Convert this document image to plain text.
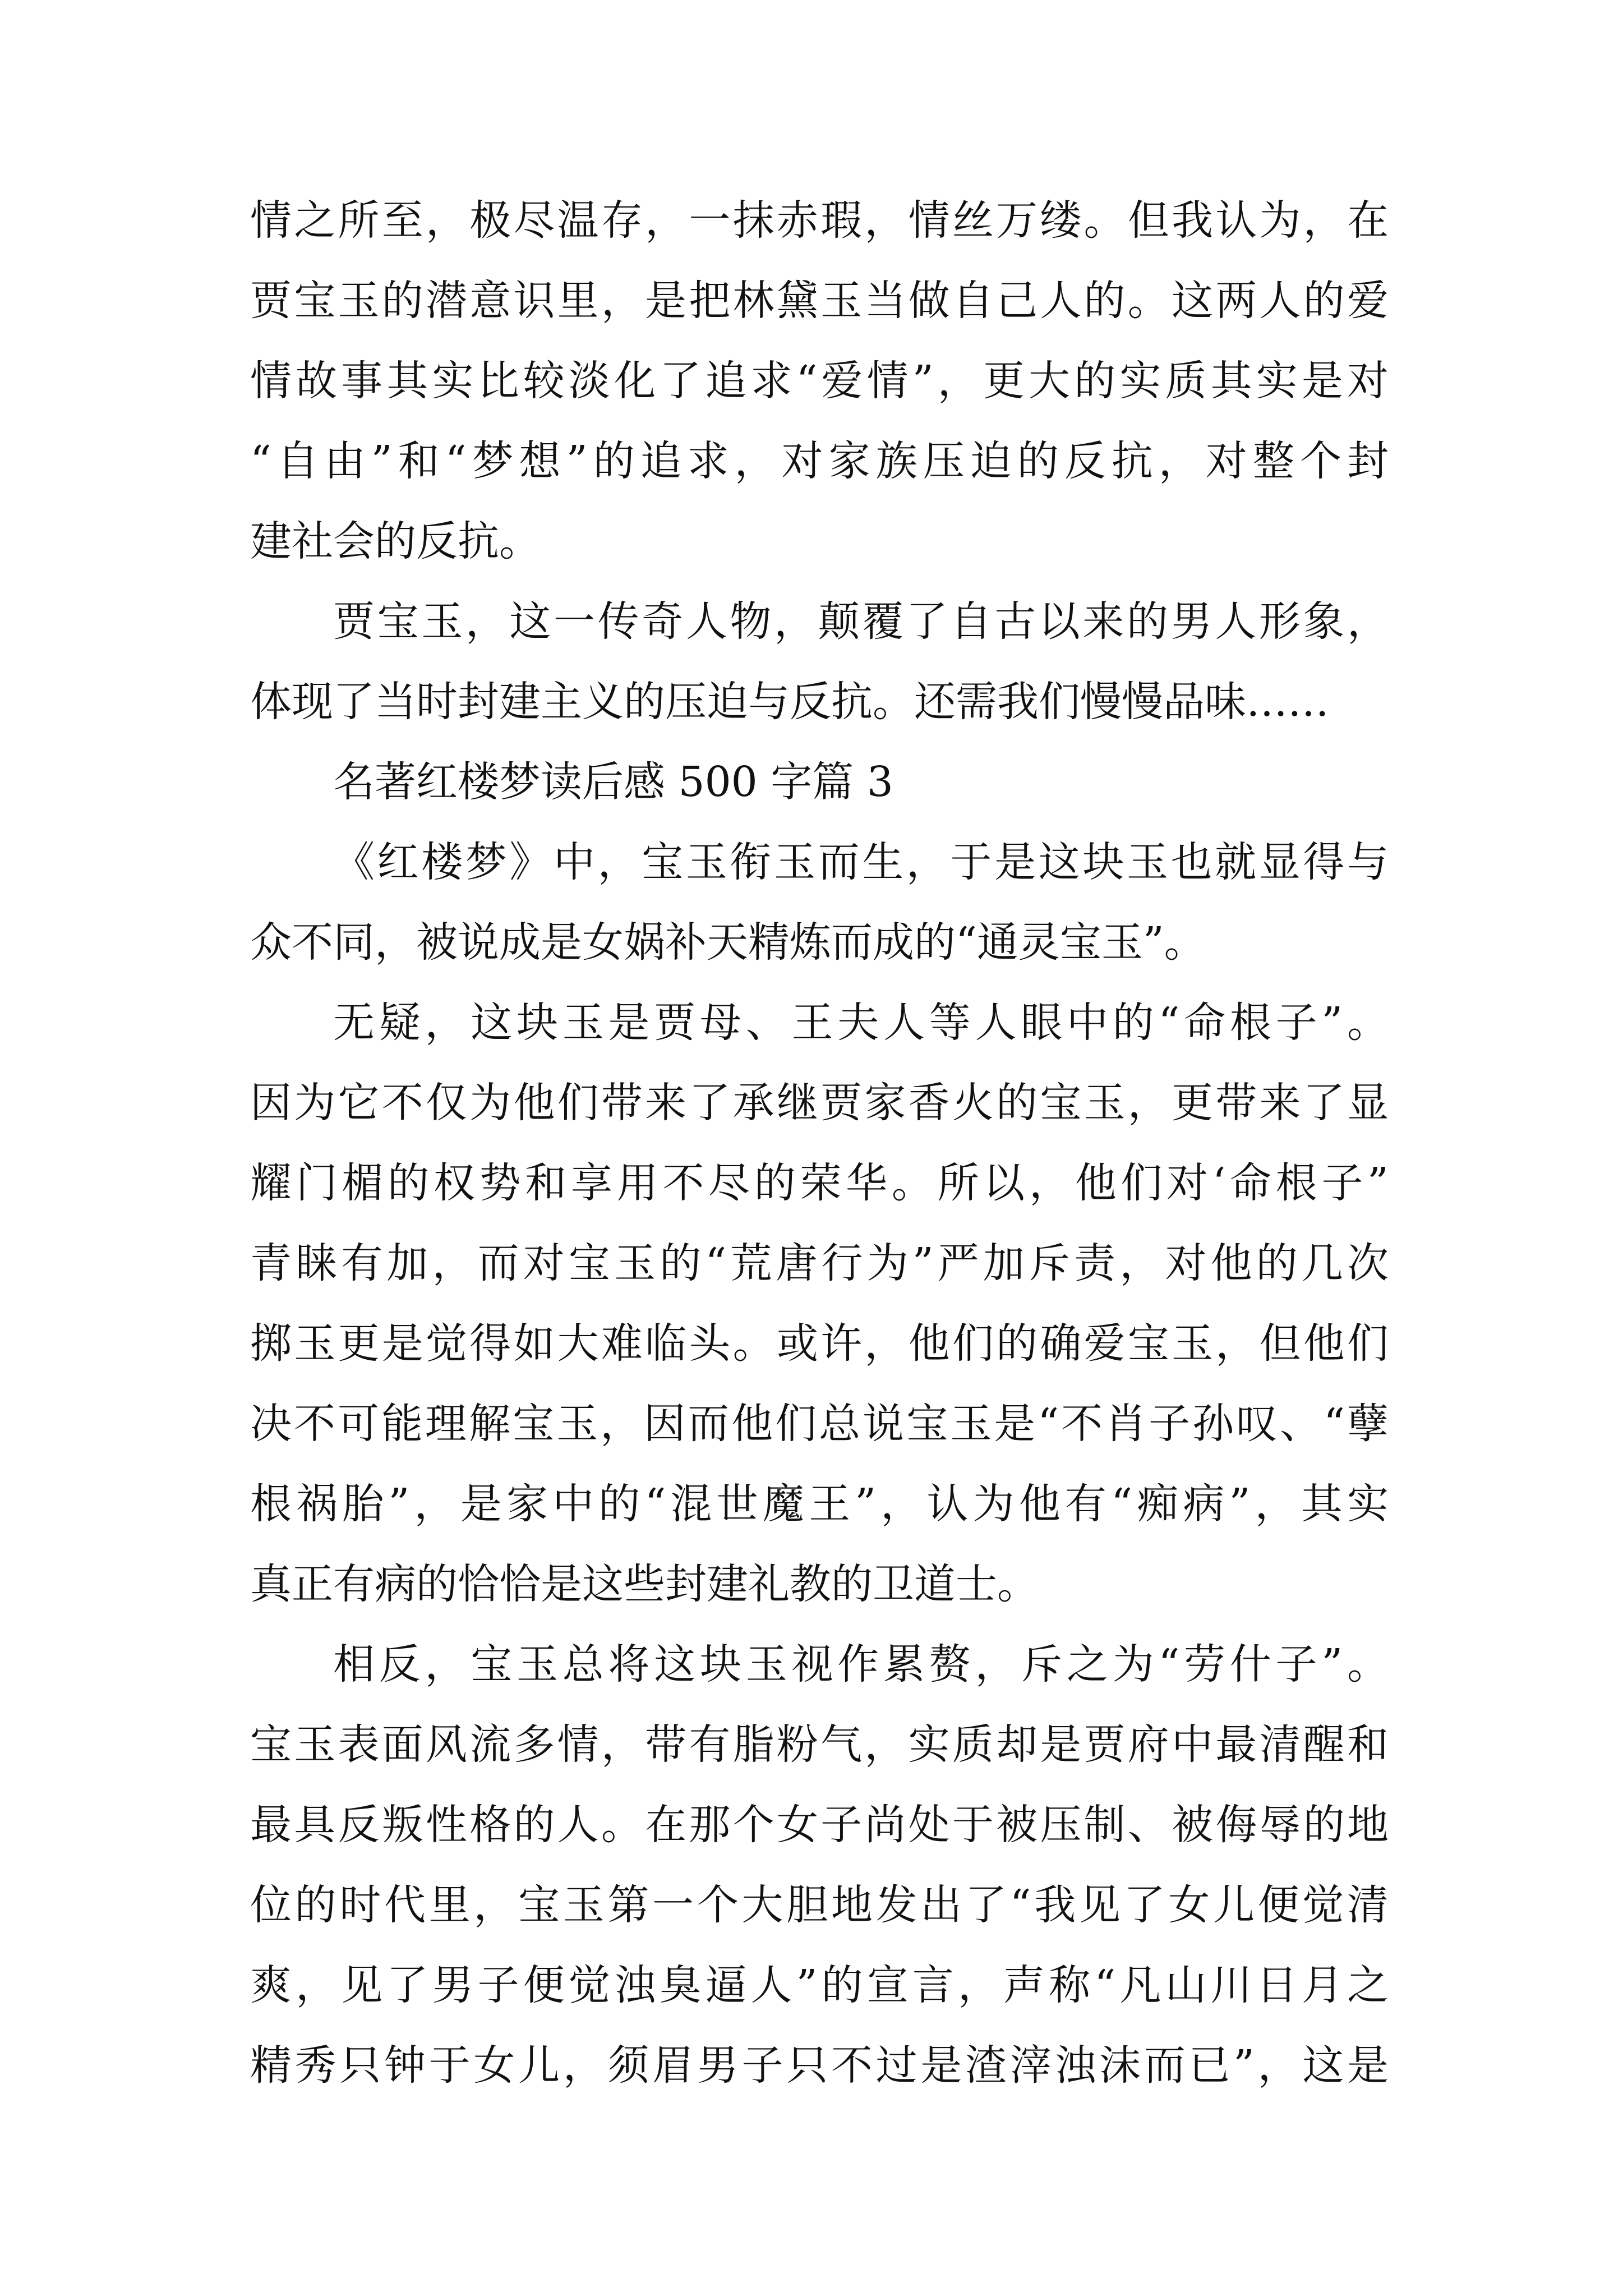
情之所至，极尽温存，一抹赤瑕，情丝万缕。但我认为，在
贾宝玉的潜意识里，是把林黛玉当做自己人的。这两人的爱
情故事其实比较淡化了追求“爱情”，更大的实质其实是对
“自由”和“梦想”的追求，对家族压迫的反抗，对整个封
建社会的反抗。
贾宝玉，这一传奇人物，颠覆了自古以来的男人形象，
体现了当时封建主义的压迫与反抗。还需我们慢慢品味……
名著红楼梦读后感 500 字篇 3
《红楼梦》中，宝玉衔玉而生，于是这块玉也就显得与
众不同，被说成是女娲补天精炼而成的“通灵宝玉”。
无疑，这块玉是贾母、王夫人等人眼中的“命根子”。
因为它不仅为他们带来了承继贾家香火的宝玉，更带来了显
耀门楣的权势和享用不尽的荣华。所以，他们对‘命根子”
青睐有加，而对宝玉的“荒唐行为”严加斥责，对他的几次
掷玉更是觉得如大难临头。或许，他们的确爱宝玉，但他们
决不可能理解宝玉，因而他们总说宝玉是“不肖子孙叹、“孽
根祸胎”，是家中的“混世魔王”，认为他有“痴病”，其实
真正有病的恰恰是这些封建礼教的卫道士。
相反，宝玉总将这块玉视作累赘，斥之为“劳什子”。
宝玉表面风流多情，带有脂粉气，实质却是贾府中最清醒和
最具反叛性格的人。在那个女子尚处于被压制、被侮辱的地
位的时代里，宝玉第一个大胆地发出了“我见了女儿便觉清
爽，见了男子便觉浊臭逼人”的宣言，声称“凡山川日月之
精秀只钟于女儿，须眉男子只不过是渣滓浊沫而已”，这是
